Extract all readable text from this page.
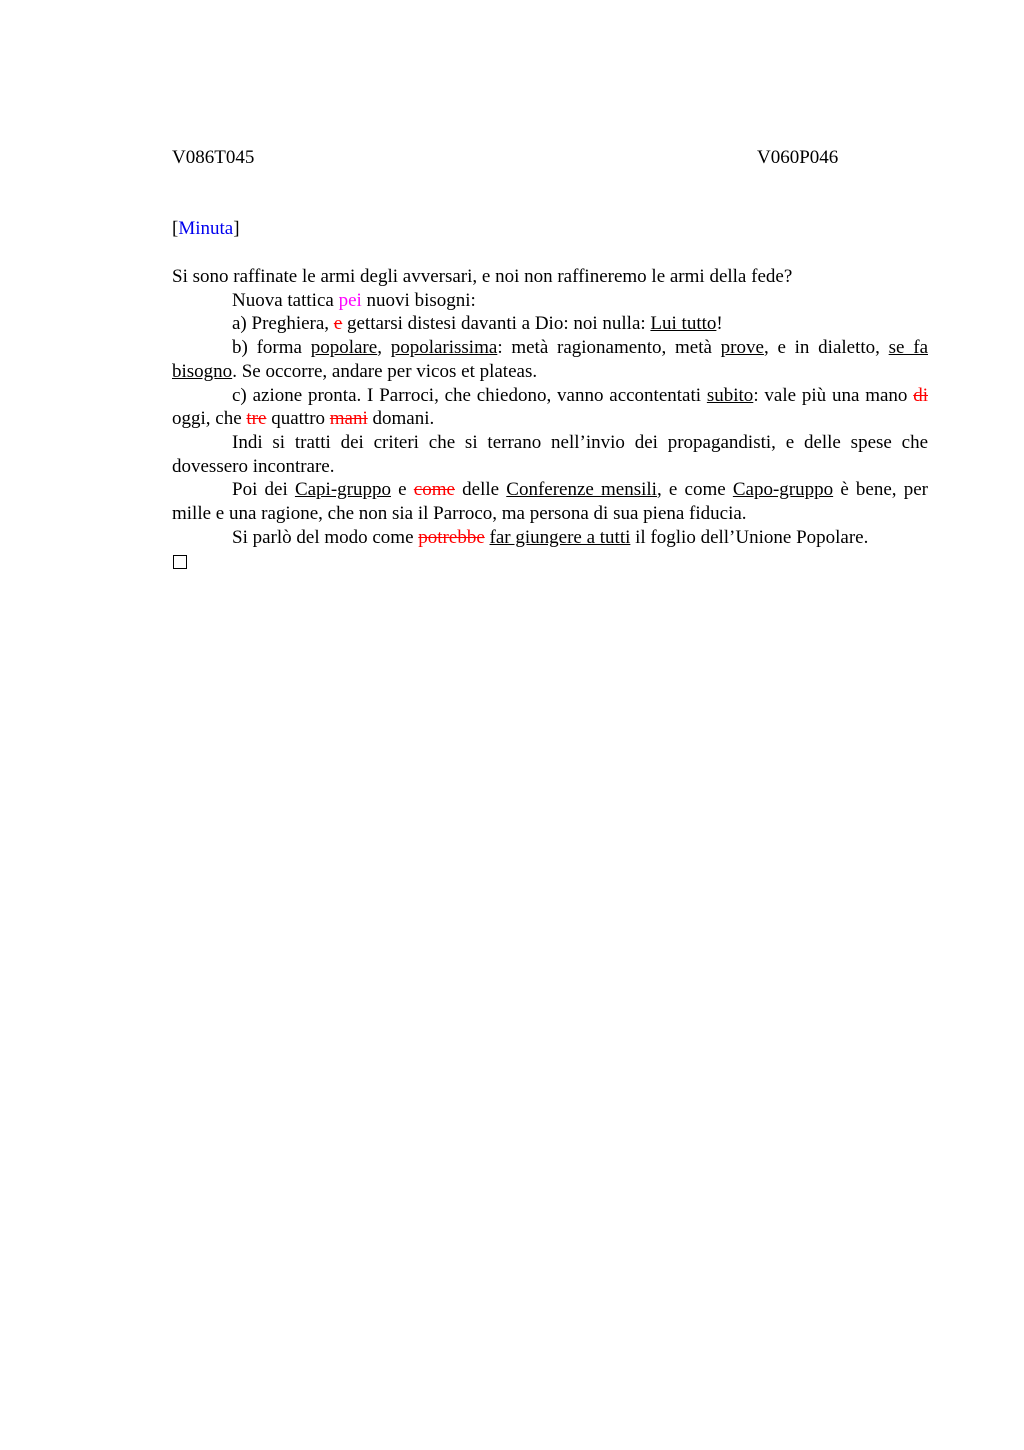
V086T045	V060P046
[Minuta]

Si sono raffinate le armi degli avversari, e noi non raffineremo le armi della fede?

Nuova tattica pei nuovi bisogni:

a) Preghiera, e gettarsi distesi davanti a Dio: noi nulla: Lui tutto!

b) forma popolare, popolarissima: metà ragionamento, metà prove, e in dialetto, se fa bisogno. Se occorre, andare per vicos et plateas.

c) azione pronta. I Parroci, che chiedono, vanno accontentati subito: vale più una mano di oggi, che tre quattro mani domani.

Indi si tratti dei criteri che si terrano nell’invio dei propagandisti, e delle spese che dovessero incontrare.

Poi dei Capi-gruppo e come delle Conferenze mensili, e come Capo-gruppo è bene, per mille e una ragione, che non sia il Parroco, ma persona di sua piena fiducia.

Si parlò del modo come potrebbe far giungere a tutti il foglio dell’Unione Popolare.
